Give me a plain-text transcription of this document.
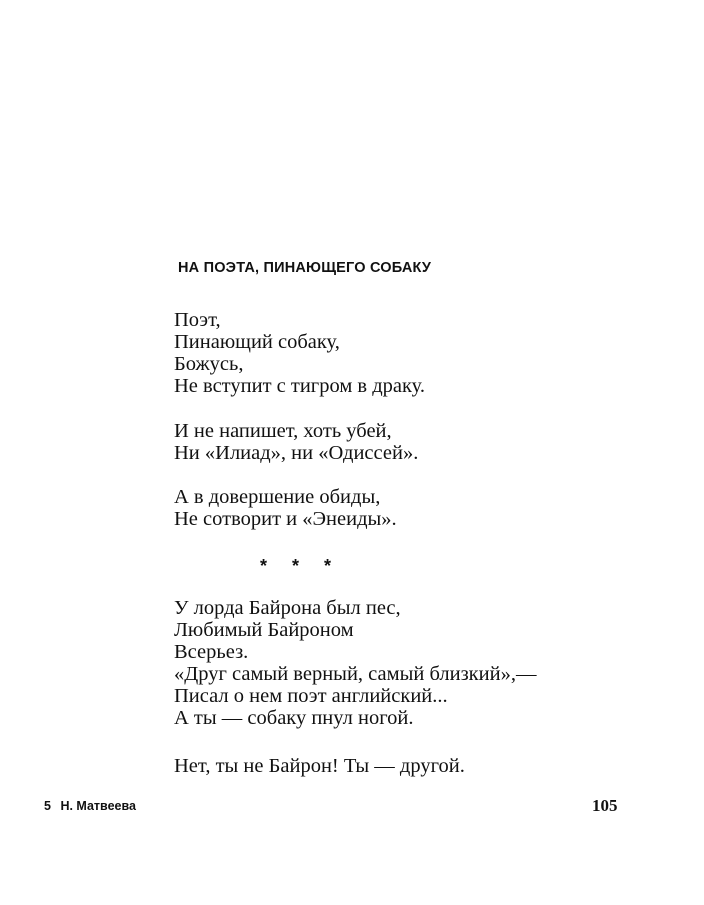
НА ПОЭТА, ПИНАЮЩЕГО СОБАКУ
Поэт,
Пинающий собаку,
Божусь,
Не вступит с тигром в драку.
И не напишет, хоть убей,
Ни «Илиад», ни «Одиссей».
А в довершение обиды,
Не сотворит и «Энеиды».
* * *
У лорда Байрона был пес,
Любимый Байроном
Всерьез.
«Друг самый верный, самый близкий»,—
Писал о нем поэт английский...
А ты — собаку пнул ногой.
Нет, ты не Байрон! Ты — другой.
5 Н. Матвеева	105
